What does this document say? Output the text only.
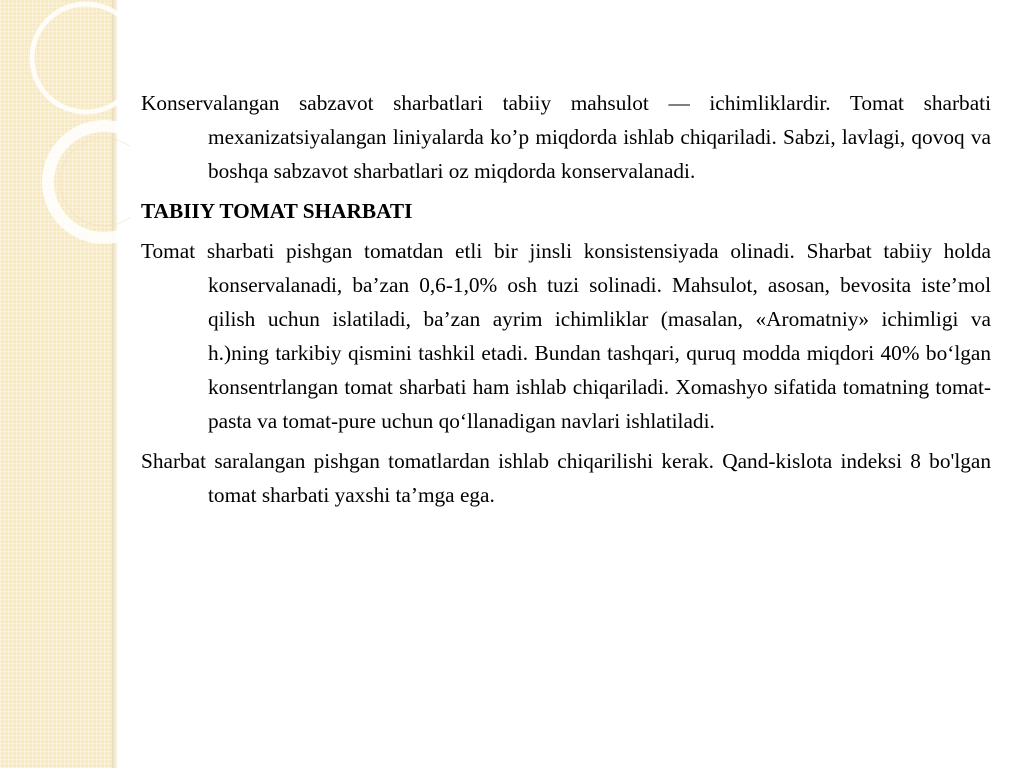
Konservalangan sabzavot sharbatlari tabiiy mahsulot — ichimliklardir. Tomat sharbati mexanizatsiyalangan liniyalarda ko’p miqdorda ishlab chiqariladi. Sabzi, lavlagi, qovoq va boshqa sabzavot sharbatlari oz miqdorda konservalanadi.

TABIIY TOMAT SHARBATI

Tomat sharbati pishgan tomatdan etli bir jinsli konsistensiyada olinadi. Sharbat tabiiy holda konservalanadi, ba’zan 0,6-1,0% osh tuzi solinadi. Mahsulot, asosan, bevosita iste’mol qilish uchun islatiladi, ba’zan ayrim ichimliklar (masalan, «Aromatniy» ichimligi va h.)ning tarkibiy qismini tashkil etadi. Bundan tashqari, quruq modda miqdori 40% bo‘lgan konsentrlangan tomat sharbati ham ishlab chiqariladi. Xomashyo sifatida tomatning tomat-pasta va tomat-pure uchun qo‘llanadigan navlari ishlatiladi.

Sharbat saralangan pishgan tomatlardan ishlab chiqarilishi kerak. Qand-kislota indeksi 8 bo'lgan tomat sharbati yaxshi ta’mga ega.
